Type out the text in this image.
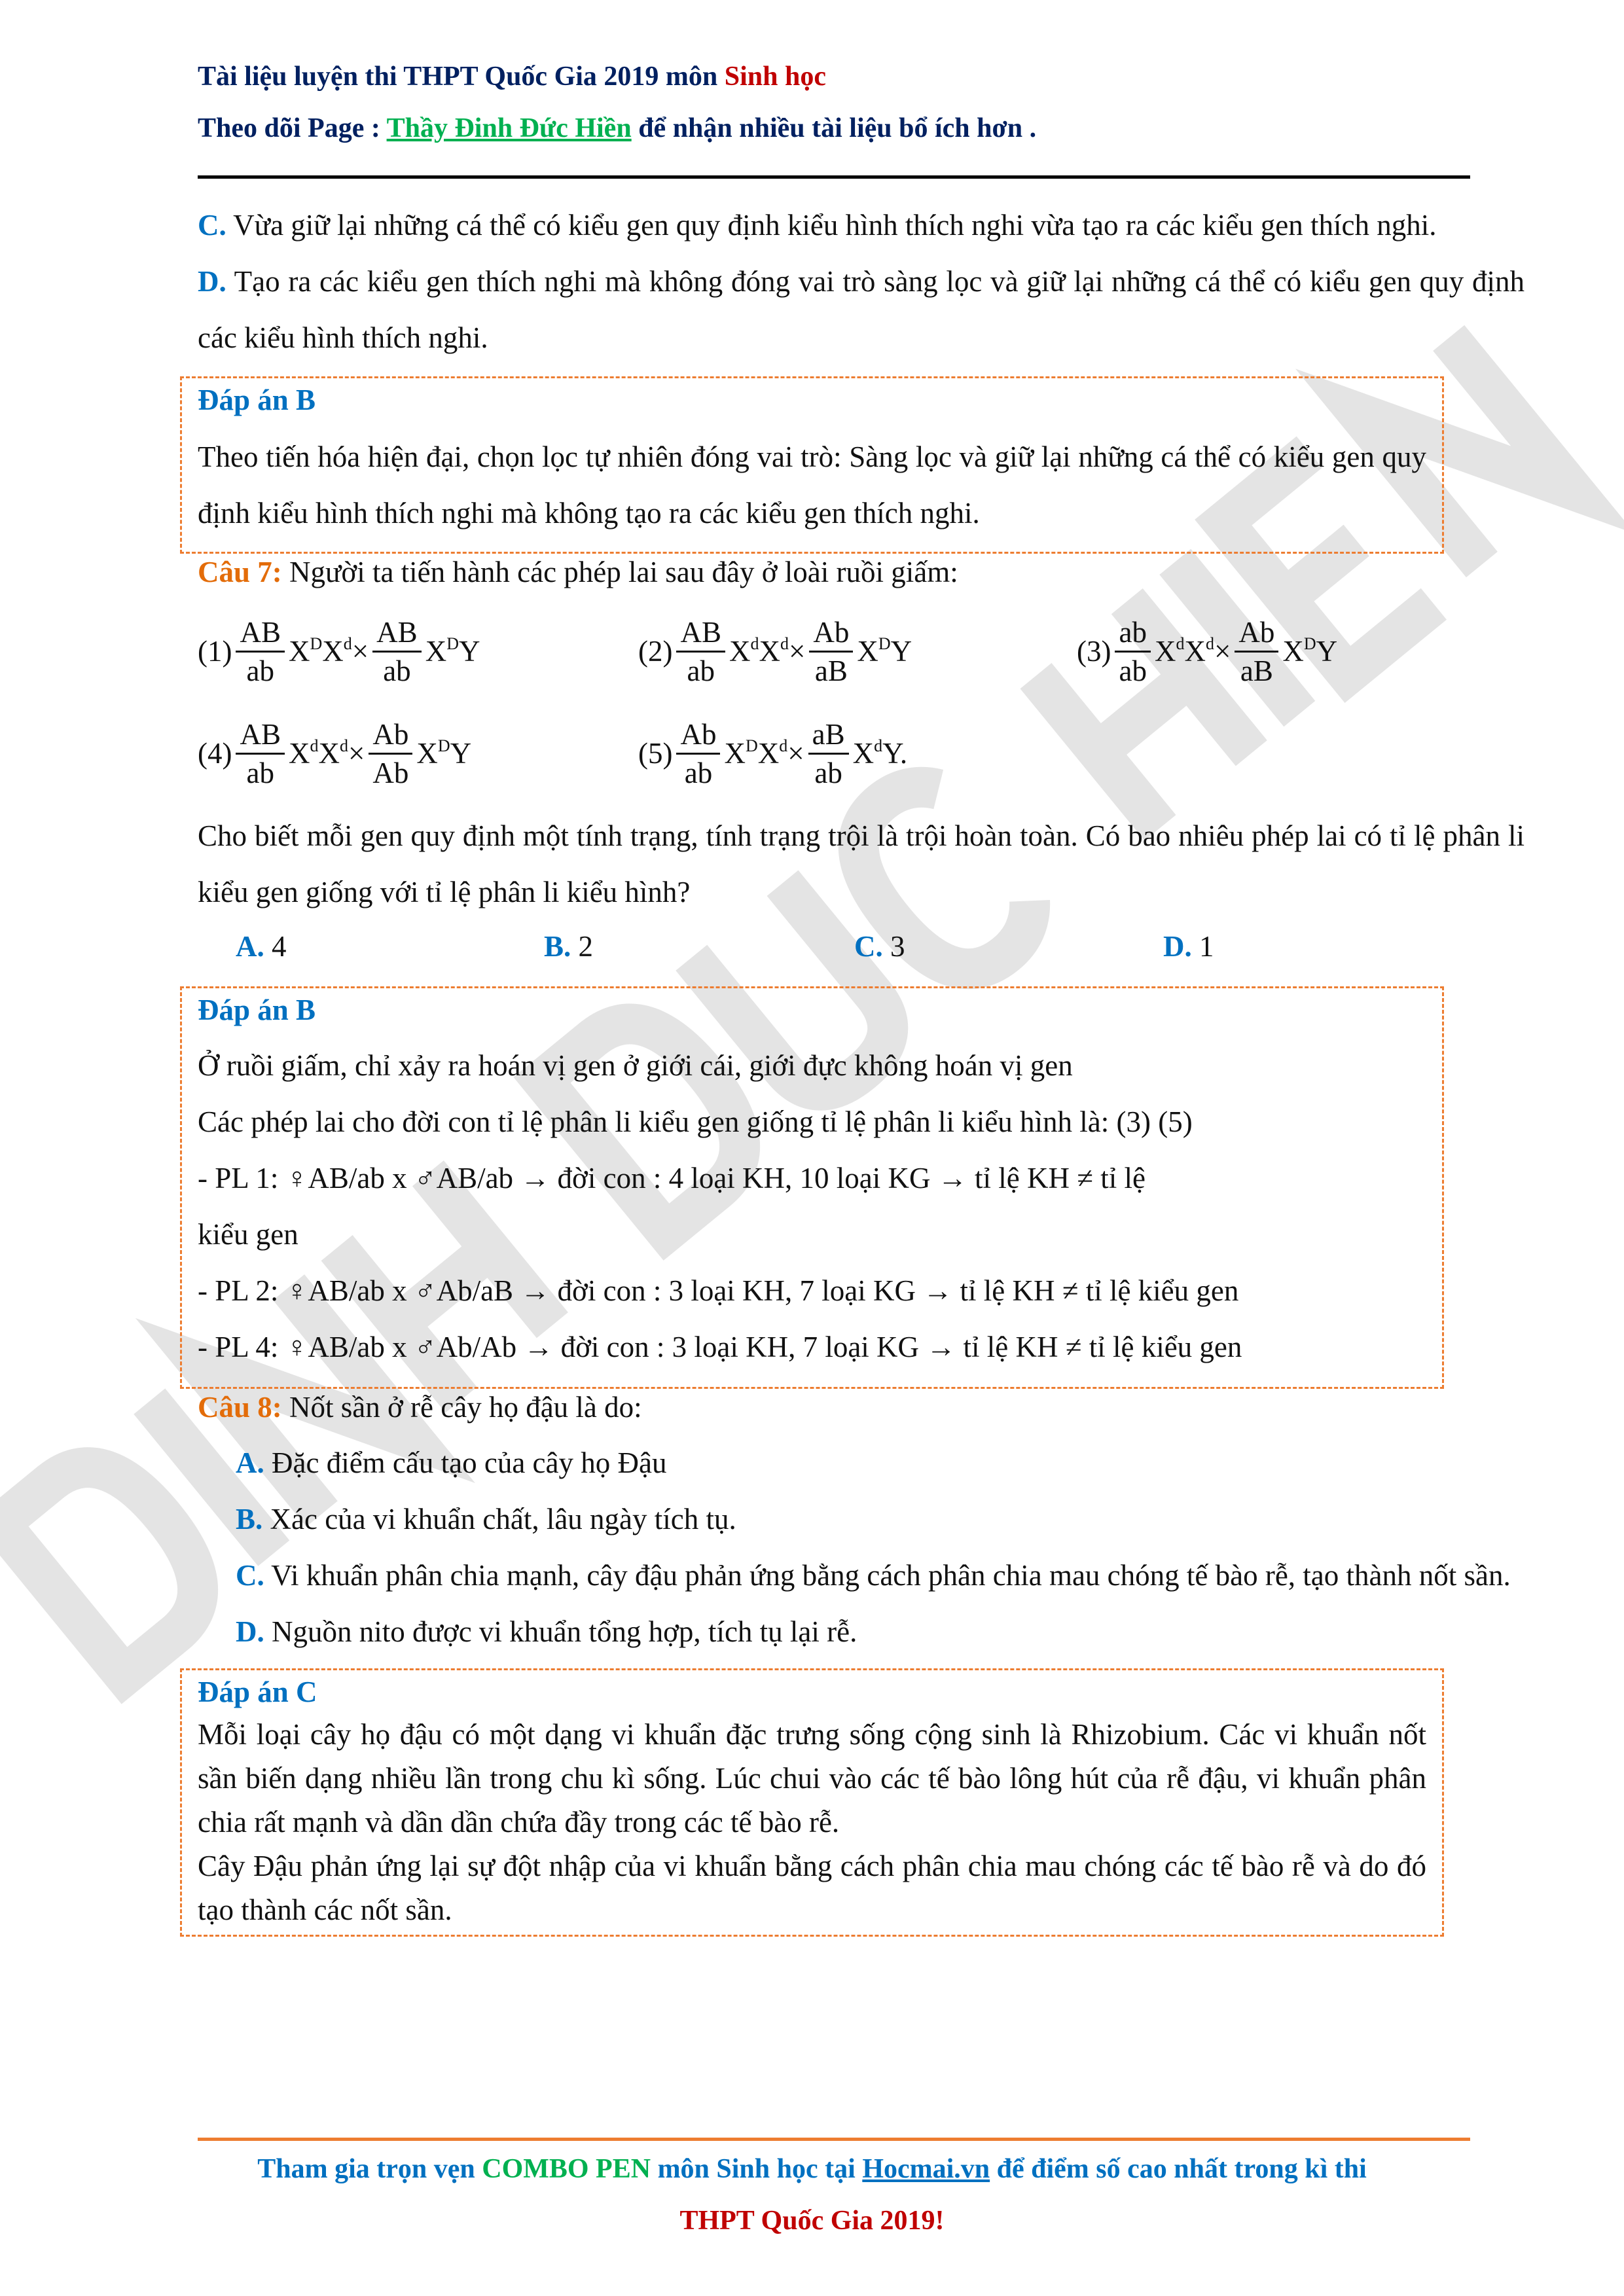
Tài liệu luyện thi THPT Quốc Gia 2019 môn Sinh học
Theo dõi Page : Thầy Đinh Đức Hiền để nhận nhiều tài liệu bổ ích hơn .
C. Vừa giữ lại những cá thể có kiểu gen quy định kiểu hình thích nghi vừa tạo ra các kiểu gen thích nghi.
D. Tạo ra các kiểu gen thích nghi mà không đóng vai trò sàng lọc và giữ lại những cá thể có kiểu gen quy định các kiểu hình thích nghi.
Đáp án B
Theo tiến hóa hiện đại, chọn lọc tự nhiên đóng vai trò: Sàng lọc và giữ lại những cá thể có kiểu gen quy định kiểu hình thích nghi mà không tạo ra các kiểu gen thích nghi.
Câu 7: Người ta tiến hành các phép lai sau đây ở loài ruồi giấm:
$(1) \frac{AB}{ab} X^DX^d \times \frac{AB}{ab} X^DY$	$(2) \frac{AB}{ab} X^dX^d \times \frac{Ab}{aB} X^DY$	$(3) \frac{ab}{ab} X^dX^d \times \frac{Ab}{aB} X^DY$
$(4) \frac{AB}{ab} X^dX^d \times \frac{Ab}{Ab} X^DY$	$(5) \frac{Ab}{ab} X^DX^d \times \frac{aB}{ab} X^dY$.
Cho biết mỗi gen quy định một tính trạng, tính trạng trội là trội hoàn toàn. Có bao nhiêu phép lai có tỉ lệ phân li kiểu gen giống với tỉ lệ phân li kiểu hình?
A. 4	B. 2	C. 3	D. 1
Đáp án B
Ở ruồi giấm, chỉ xảy ra hoán vị gen ở giới cái, giới đực không hoán vị gen
Các phép lai cho đời con tỉ lệ phân li kiểu gen giống tỉ lệ phân li kiểu hình là: (3) (5)
- PL 1: ♀AB/ab x ♂AB/ab → đời con : 4 loại KH, 10 loại KG → tỉ lệ KH ≠ tỉ lệ
kiểu gen
- PL 2: ♀AB/ab x ♂Ab/aB → đời con : 3 loại KH, 7 loại KG → tỉ lệ KH ≠ tỉ lệ kiểu gen
- PL 4: ♀AB/ab x ♂Ab/Ab → đời con : 3 loại KH, 7 loại KG → tỉ lệ KH ≠ tỉ lệ kiểu gen
Câu 8: Nốt sần ở rễ cây họ đậu là do:
A. Đặc điểm cấu tạo của cây họ Đậu
B. Xác của vi khuẩn chất, lâu ngày tích tụ.
C. Vi khuẩn phân chia mạnh, cây đậu phản ứng bằng cách phân chia mau chóng tế bào rễ, tạo thành nốt sần.
D. Nguồn nito được vi khuẩn tổng hợp, tích tụ lại rễ.
Đáp án C
Mỗi loại cây họ đậu có một dạng vi khuẩn đặc trưng sống cộng sinh là Rhizobium. Các vi khuẩn nốt sần biến dạng nhiều lần trong chu kì sống. Lúc chui vào các tế bào lông hút của rễ đậu, vi khuẩn phân chia rất mạnh và dần dần chứa đầy trong các tế bào rễ.
Cây Đậu phản ứng lại sự đột nhập của vi khuẩn bằng cách phân chia mau chóng các tế bào rễ và do đó tạo thành các nốt sần.
Tham gia trọn vẹn COMBO PEN môn Sinh học tại Hocmai.vn để điểm số cao nhất trong kì thi
THPT Quốc Gia 2019!
